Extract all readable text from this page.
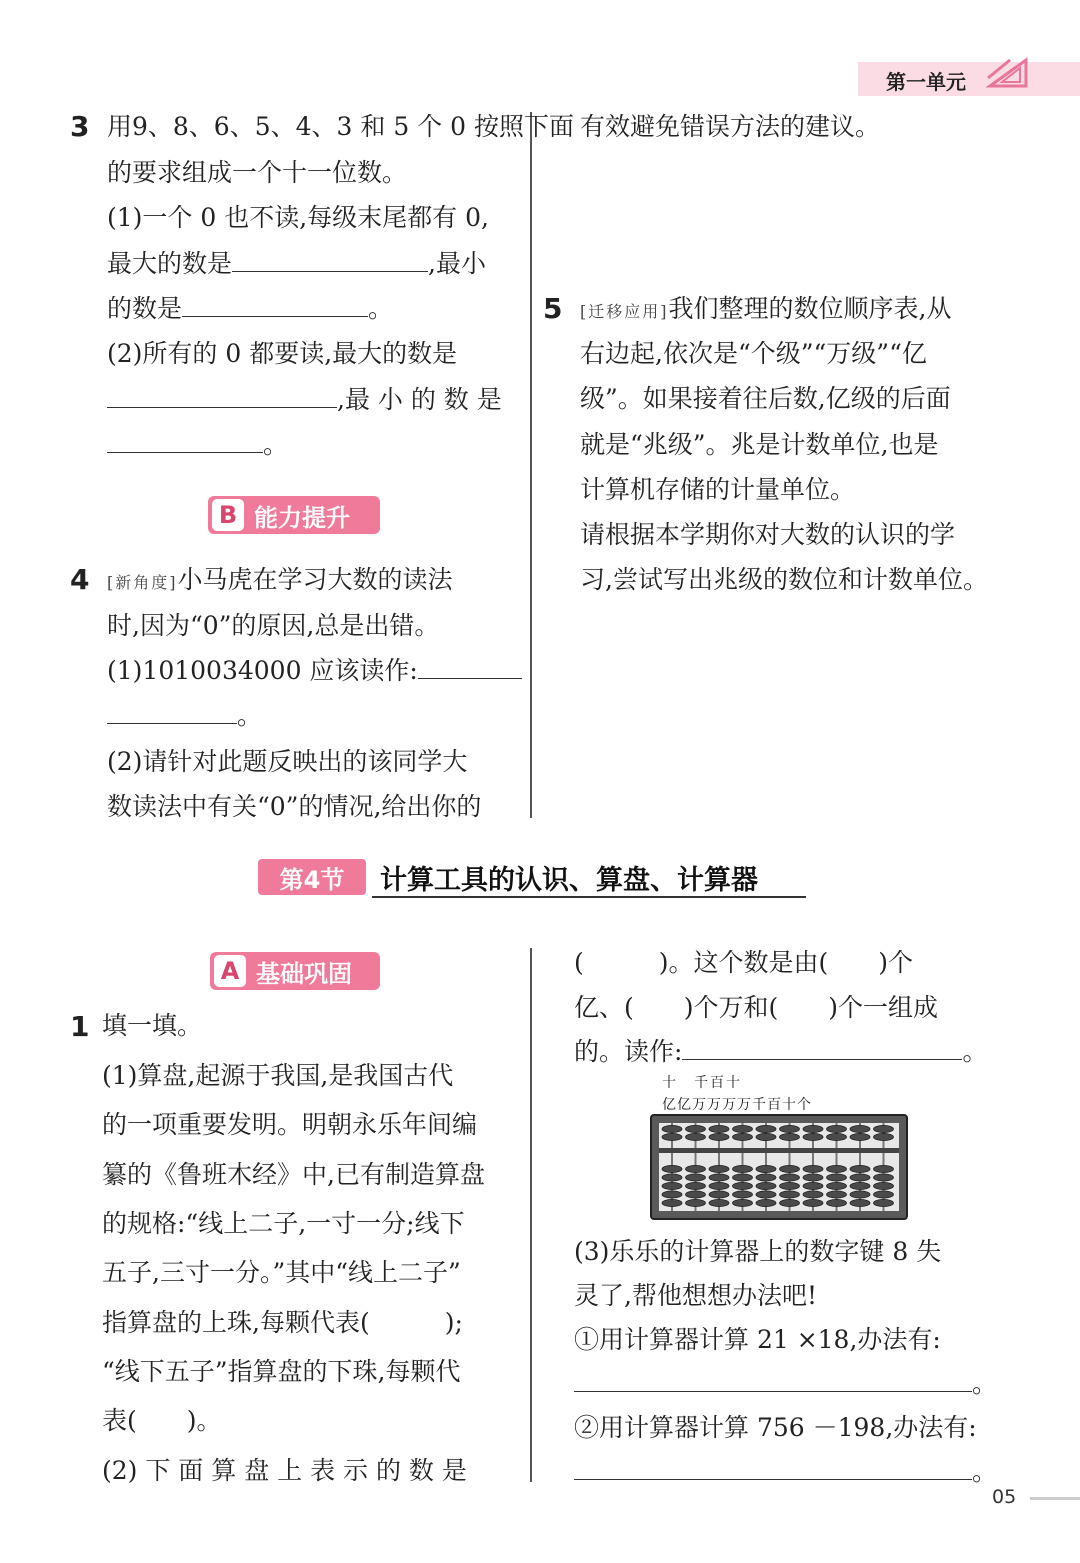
第一单元
3 用9、8、6、5、4、3 和 5 个 0 按照下面
的要求组成一个十一位数。
(1)一个 0 也不读,每级末尾都有 0,
最大的数是	,最小
的数是	。
(2)所有的 0 都要读,最大的数是
,最 小 的 数 是
。
B 能力提升
4 [新角度]小马虎在学习大数的读法
时,因为“0”的原因,总是出错。
(1)1010034000 应该读作:
。
(2)请针对此题反映出的该同学大
数读法中有关“0”的情况,给出你的
有效避免错误方法的建议。
5 [迁移应用]我们整理的数位顺序表,从
右边起,依次是“个级”“万级”“亿
级”。如果接着往后数,亿级的后面
就是“兆级”。兆是计数单位,也是
计算机存储的计量单位。
请根据本学期你对大数的认识的学
习,尝试写出兆级的数位和计数单位。
第4节 计算工具的认识、算盘、计算器
A 基础巩固
1 填一填。
(1)算盘,起源于我国,是我国古代
的一项重要发明。明朝永乐年间编
纂的《鲁班木经》中,已有制造算盘
的规格:“线上二子,一寸一分;线下
五子,三寸一分。”其中“线上二子”
指算盘的上珠,每颗代表(　　　);
“线下五子”指算盘的下珠,每颗代
表(　　)。
(2) 下 面 算 盘 上 表 示 的 数 是
(　　　)。这个数是由(　　)个
亿、(　　)个万和(　　)个一组成
的。读作:	。
十　千百十
亿亿万万万万千百十个
(3)乐乐的计算器上的数字键 8 失
灵了,帮他想想办法吧!
①用计算器计算 21 ×18,办法有:
。
②用计算器计算 756 －198,办法有:
。
05
